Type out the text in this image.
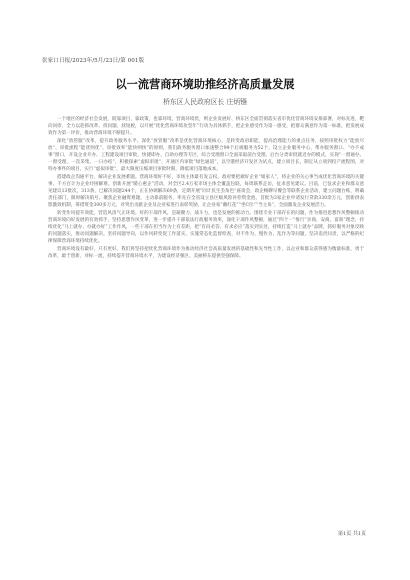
张家口日报/2023年/5月/23日/第 001版
以一流营商环境助推经济高质量发展
桥东区人民政府区长 庄炳镪

一个地区的经济社会发展，既靠项目，靠政策，也靠环境，营商环境优，则企业发展好、桥东区全面贯彻落实省市优化营商环境安排部署，对标先进，靶向问诊，全力以赴抓改革，找问题、找短板，以开展“优化营商环境攻坚年”行动为具体抓手，把企业感受作为第一感受，把群众满意作为第一标准，把发展成效作为第一评价，推动营商环境不断提升。

深化“放管服”改革，提升政务服务水平。深化“放管服”改革是优化营商环境核心，是转变政府职能，提高治理能力的重点任务，按照审批权力“能放尽放”、审批流程“能优则优”、审批效率“能快则快”的原则，我们政务服务窗口加速整合99个后端服务为52个，设立企业服务中心、帮办服务窗口、“办不成事”窗口，开设企业开办、工程建设项目审批、快捷即办、自助办理等专区，综合受理窗口全面采取前台受理、后台分类审批就近办的模式，实现“一窗通办、一窗受理、一次采集、一日办结”，积极探索“虚拟审批”、开通区内审批“绿色通道”，以空港经济开发区为试点，建立项目长，制定从立项到投产流程图，对特办事件的项目，实行“虚拟审批”，最大限度压缩项目审批时限，降低项目落地成本。

搭建政企沟通平台，解决企业发展难题。营商环境好不好，市场主体最有发言权。政府要把做好企业“娘家人”，将企业的关心事当成优化营商环境的关键事，千方百计为企业纾困解难。创新开展“暖心惠企”活动，对全区2.4万家市场主体全覆盖包联，每周联系走访，征求意见建议。目前，已征求企业和群众意见建议13批次，313条，已解决问题244个，正在协调解决69条，定期开展“同计民生丢角色”座谈会，政企畅聊早餐会等联系企业活动，建立问题台账，明确责任部门，限时解决销号。聚焦企业融资难题，主动靠前服务，率先在全省设立县区级风险补偿资金池，首批为3家企业申请发行贷款330余万元，创新供表影激效机制，筹措资金300多万元，对突出贡献企业及企业家进行表彰奖励，让企业家“戴红花”“坐C位”“当主角”，全面激发企业发展活力。

转变作风提升效能，营造风清气正环境。好的干部作风，是凝聚力、战斗力，也是发展的推动力。围绕专业干部存在的问题，作为推进思想作风整顿推动营商环境向好发展的有效抓手，坚持思想作风变革，进一步提升干部依法行政服务效率，深化干部作风整顿，通过“四个一”推行“亲商、安商、富商”理念，持续优化“马上就办、办就办好”工作作风，一些干部在担当作为上有差距，把“有问必答、有求必应”落实到实处，持续打造“马上就办”品牌，抓好服务对象反映的问题落实，推动问题解决。坚持问题导向，以作风转变促工作落实，实施常态化监督检查，对不作为、慢作为、乱作为等问题，坚决追责问责，以严格的纪律保障营商环境持续优化。

营商环境没有最好，只有更好。我们将坚持把优化营商环境作为推动经济社会高质量发展的基础性和先导性工作，以企业和群众获得感为衡量标准，勇于改革，敢于创新，对标一流，持续提升营商环境水平，为建设经济强区、美丽桥东提供坚强保障。

第1页 共1页
